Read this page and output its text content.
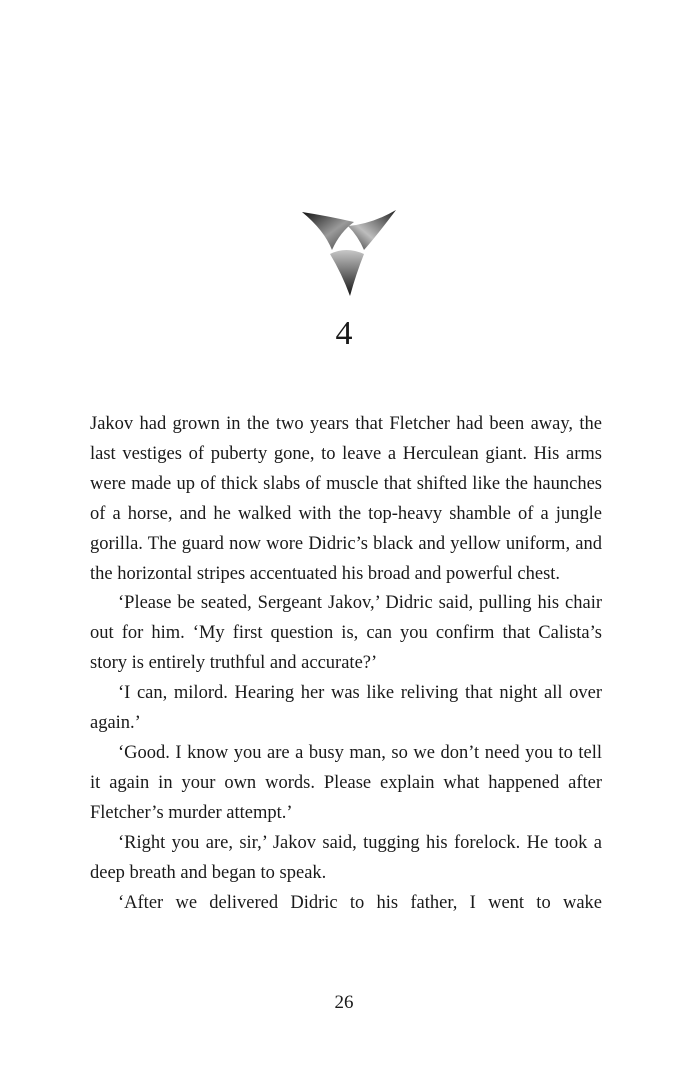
4

Jakov had grown in the two years that Fletcher had been away, the last vestiges of puberty gone, to leave a Herculean giant. His arms were made up of thick slabs of muscle that shifted like the haunches of a horse, and he walked with the top-heavy shamble of a jungle gorilla. The guard now wore Didric’s black and yellow uniform, and the horizontal stripes accentuated his broad and powerful chest.

‘Please be seated, Sergeant Jakov,’ Didric said, pulling his chair out for him. ‘My first question is, can you confirm that Calista’s story is entirely truthful and accurate?’

‘I can, milord. Hearing her was like reliving that night all over again.’

‘Good. I know you are a busy man, so we don’t need you to tell it again in your own words. Please explain what happened after Fletcher’s murder attempt.’

‘Right you are, sir,’ Jakov said, tugging his forelock. He took a deep breath and began to speak.

‘After we delivered Didric to his father, I went to wake

26
